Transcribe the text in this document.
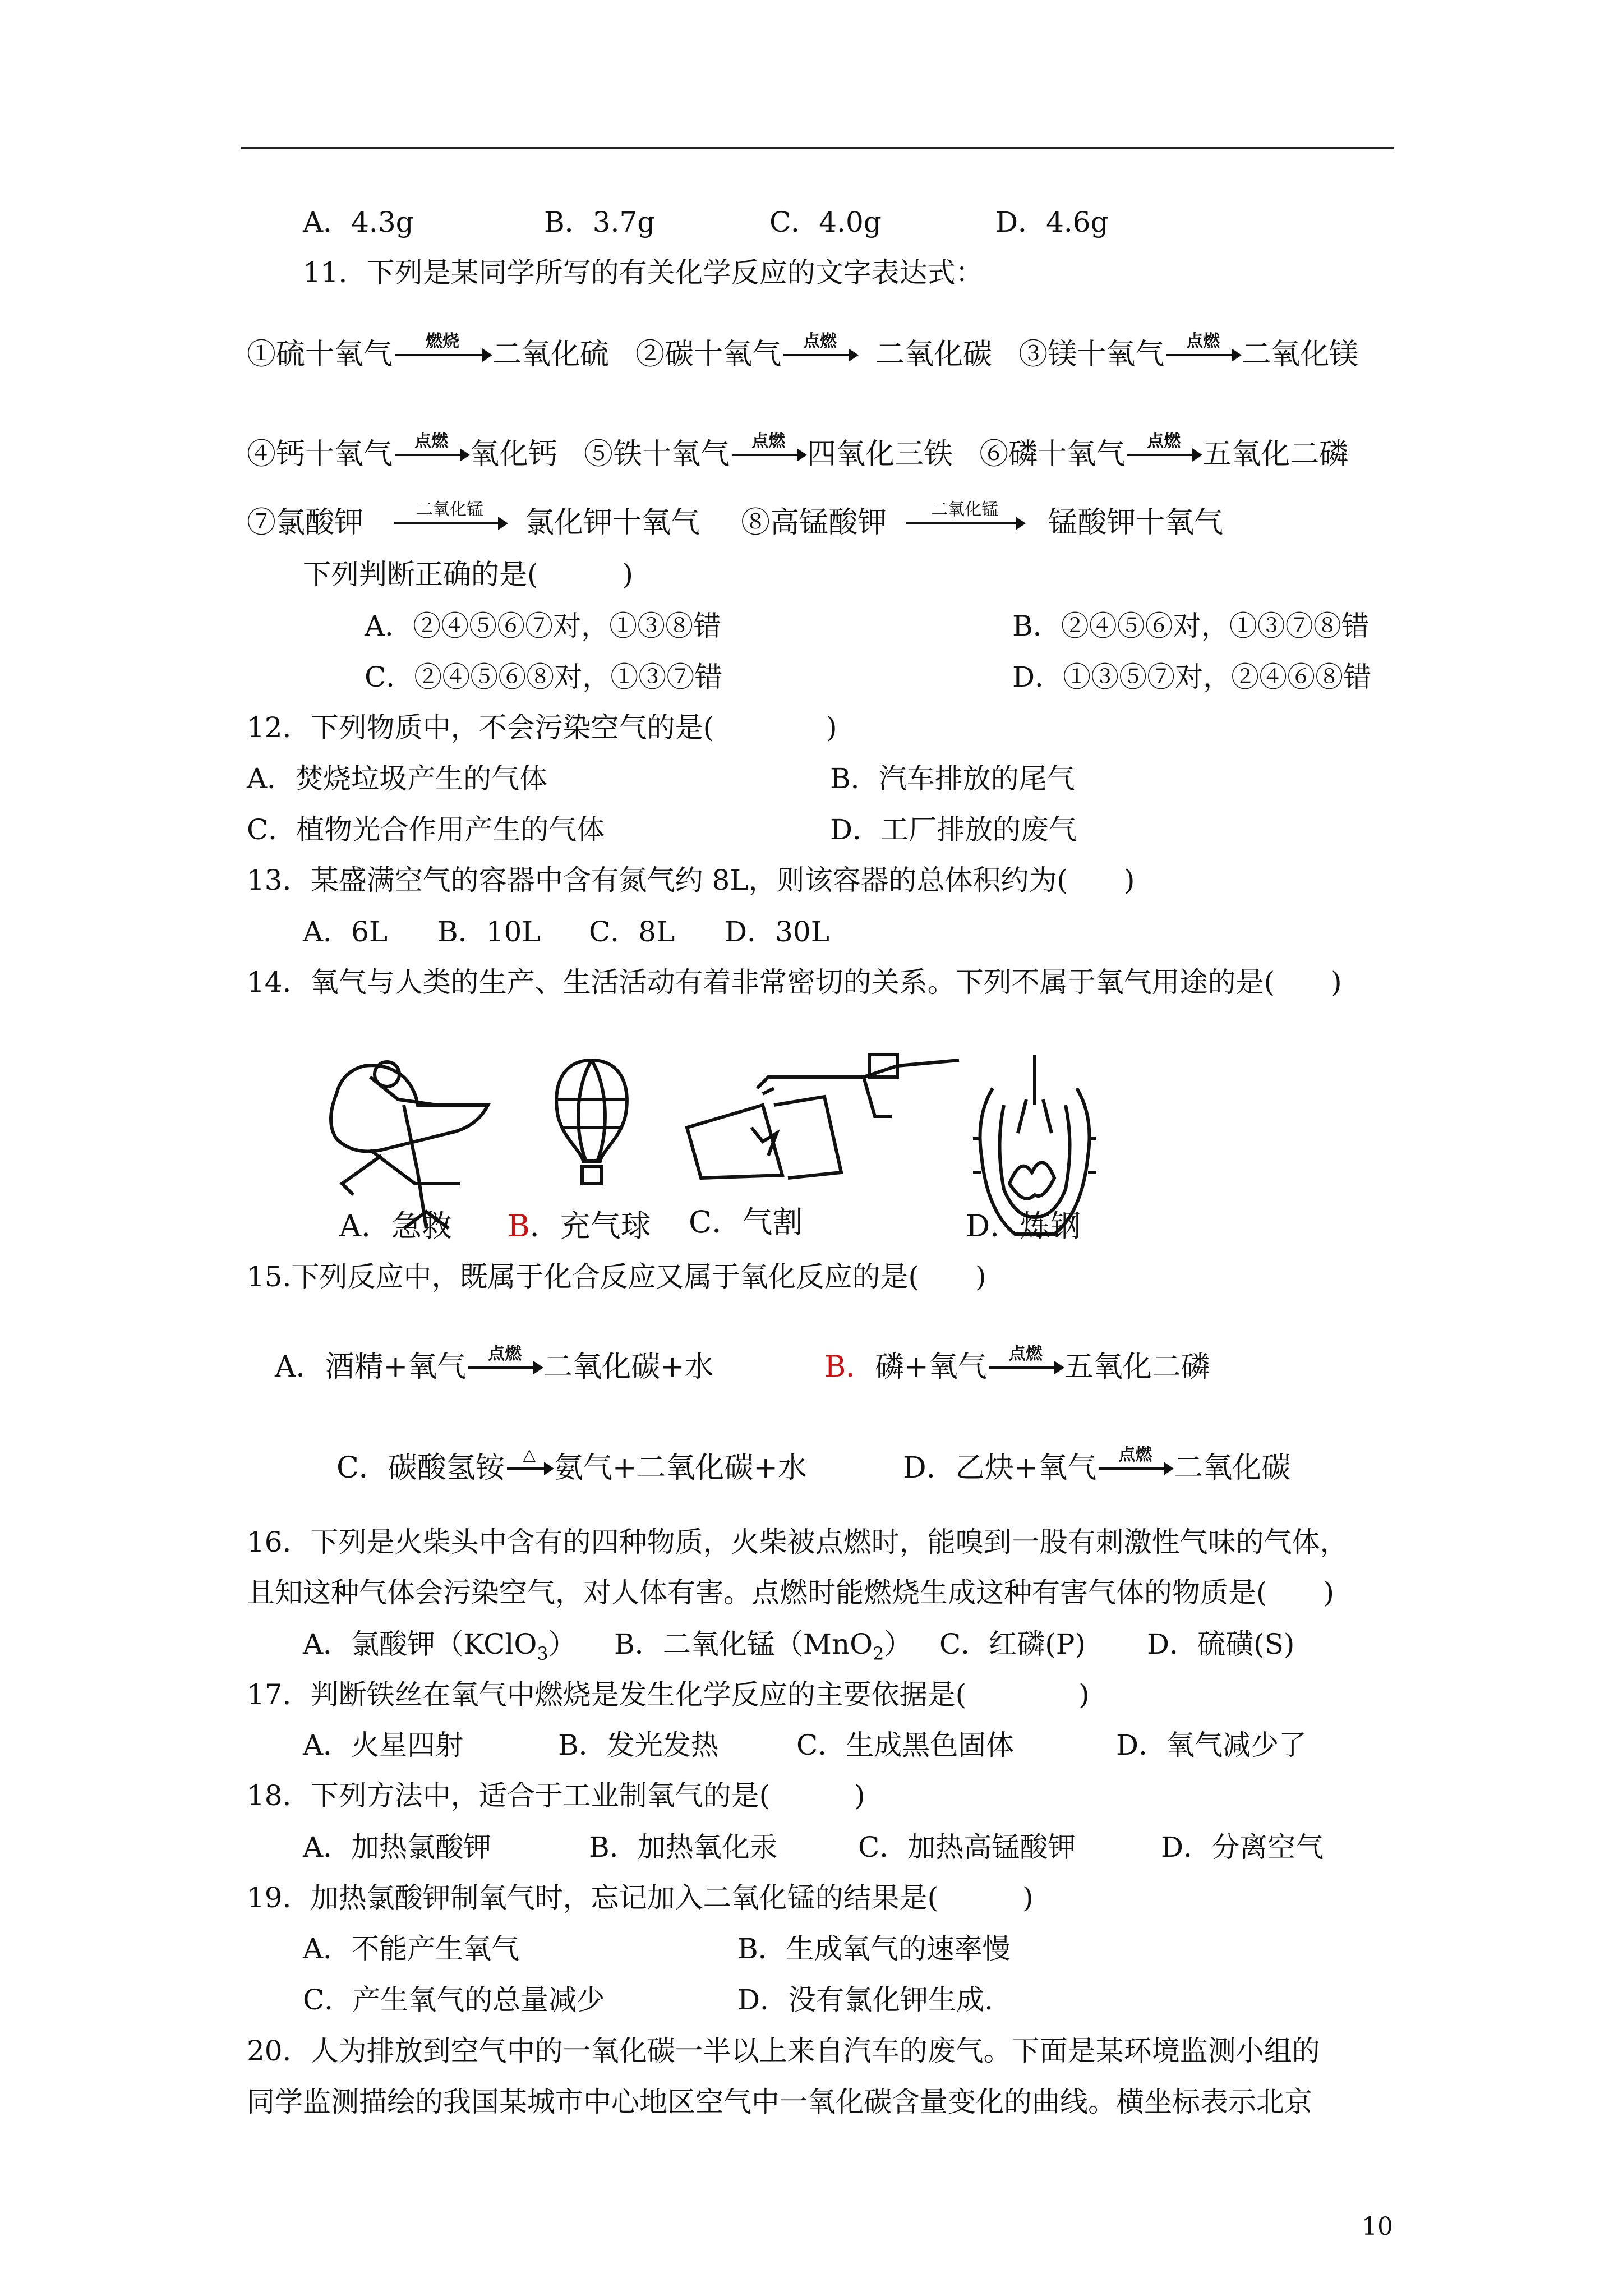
A．4.3g	B．3.7g	C．4.0g	D．4.6g
11．下列是某同学所写的有关化学反应的文字表达式：
①硫十氧气	燃烧	二氧化硫 ②碳十氧气	点燃	二氧化碳 ③镁十氧气	点燃 二氧化镁
④钙十氧气	点燃 氧化钙 ⑤铁十氧气	点燃 四氧化三铁 ⑥磷十氧气	点燃 五氧化二磷
⑦氯酸钾	二氧化锰	氯化钾十氧气 ⑧高锰酸钾	二氧化锰	锰酸钾十氧气
下列判断正确的是(　　　)
A．②④⑤⑥⑦对，①③⑧错	B．②④⑤⑥对，①③⑦⑧错
C．②④⑤⑥⑧对，①③⑦错	D．①③⑤⑦对，②④⑥⑧错
12．下列物质中，不会污染空气的是(　　　　)
A．焚烧垃圾产生的气体	B．汽车排放的尾气
C．植物光合作用产生的气体	D．工厂排放的废气
13．某盛满空气的容器中含有氮气约 8L，则该容器的总体积约为(　　)
A．6L B．10L C．8L D．30L
14．氧气与人类的生产、生活活动有着非常密切的关系。下列不属于氧气用途的是(　　)
A．急救 B．充气球 C．气割	D．炼钢
15.下列反应中，既属于化合反应又属于氧化反应的是(　　)
A．酒精+氧气	点燃 二氧化碳+水	B．磷+氧气	点燃 五氧化二磷
C．碳酸氢铵	△ 氨气+二氧化碳+水	D．乙炔+氧气	点燃 二氧化碳
16．下列是火柴头中含有的四种物质，火柴被点燃时，能嗅到一股有刺激性气味的气体，
且知这种气体会污染空气，对人体有害。点燃时能燃烧生成这种有害气体的物质是(　　)
A．氯酸钾（KClO$_3$） B．二氧化锰（MnO$_2$） C．红磷(P) D．硫磺(S)
17．判断铁丝在氧气中燃烧是发生化学反应的主要依据是(　　　　)
A．火星四射	B．发光发热	C．生成黑色固体	D．氧气减少了
18．下列方法中，适合于工业制氧气的是(　　　)
A．加热氯酸钾	B．加热氧化汞	C．加热高锰酸钾	D．分离空气
19．加热氯酸钾制氧气时，忘记加入二氧化锰的结果是(　　　)
A．不能产生氧气	B．生成氧气的速率慢
C．产生氧气的总量减少	D．没有氯化钾生成.
20．人为排放到空气中的一氧化碳一半以上来自汽车的废气。下面是某环境监测小组的
同学监测描绘的我国某城市中心地区空气中一氧化碳含量变化的曲线。横坐标表示北京
10
